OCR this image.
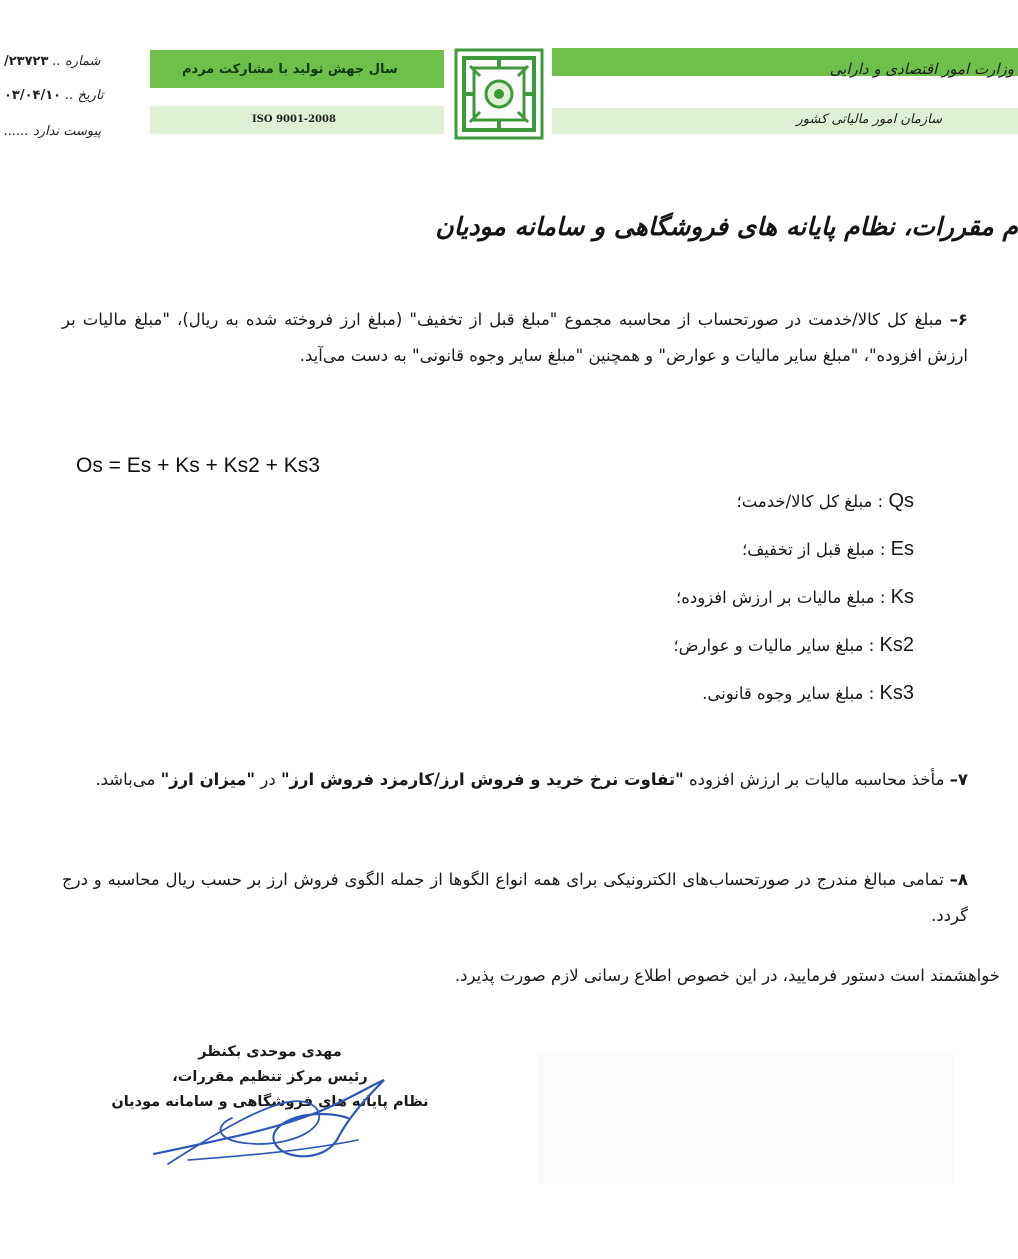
وزارت امور اقتصادی و دارایی
سازمان امور مالیاتی کشور
سال جهش تولید با مشارکت مردم
ISO 9001-2008
شماره .. ۲۳۷۲۳/
تاریخ .. ۰۳/۰۴/۱۰
پیوست ندارد ......
م مقررات، نظام پایانه های فروشگاهی و سامانه مودیان
۶– مبلغ کل کالا/خدمت در صورتحساب از محاسبه مجموع "مبلغ قبل از تخفیف" (مبلغ ارز فروخته شده به ریال)، "مبلغ مالیات بر ارزش افزوده"، "مبلغ سایر مالیات و عوارض" و همچنین "مبلغ سایر وجوه قانونی" به دست می‌آید.
Os = Es + Ks + Ks2 + Ks3
Qs : مبلغ کل کالا/خدمت؛
Es : مبلغ قبل از تخفیف؛
Ks : مبلغ مالیات بر ارزش افزوده؛
Ks2 : مبلغ سایر مالیات و عوارض؛
Ks3 : مبلغ سایر وجوه قانونی.
۷– مأخذ محاسبه مالیات بر ارزش افزوده "تفاوت نرخ خرید و فروش ارز/کارمزد فروش ارز" در "میزان ارز" می‌باشد.
۸– تمامی مبالغ مندرج در صورتحساب‌های الکترونیکی برای همه انواع الگوها از جمله الگوی فروش ارز بر حسب ریال محاسبه و درج گردد.
خواهشمند است دستور فرمایید، در این خصوص اطلاع رسانی لازم صورت پذیرد.
مهدی موحدی بکنظر
رئیس مرکز تنظیم مقررات،
نظام پایانه های فروشگاهی و سامانه مودیان
